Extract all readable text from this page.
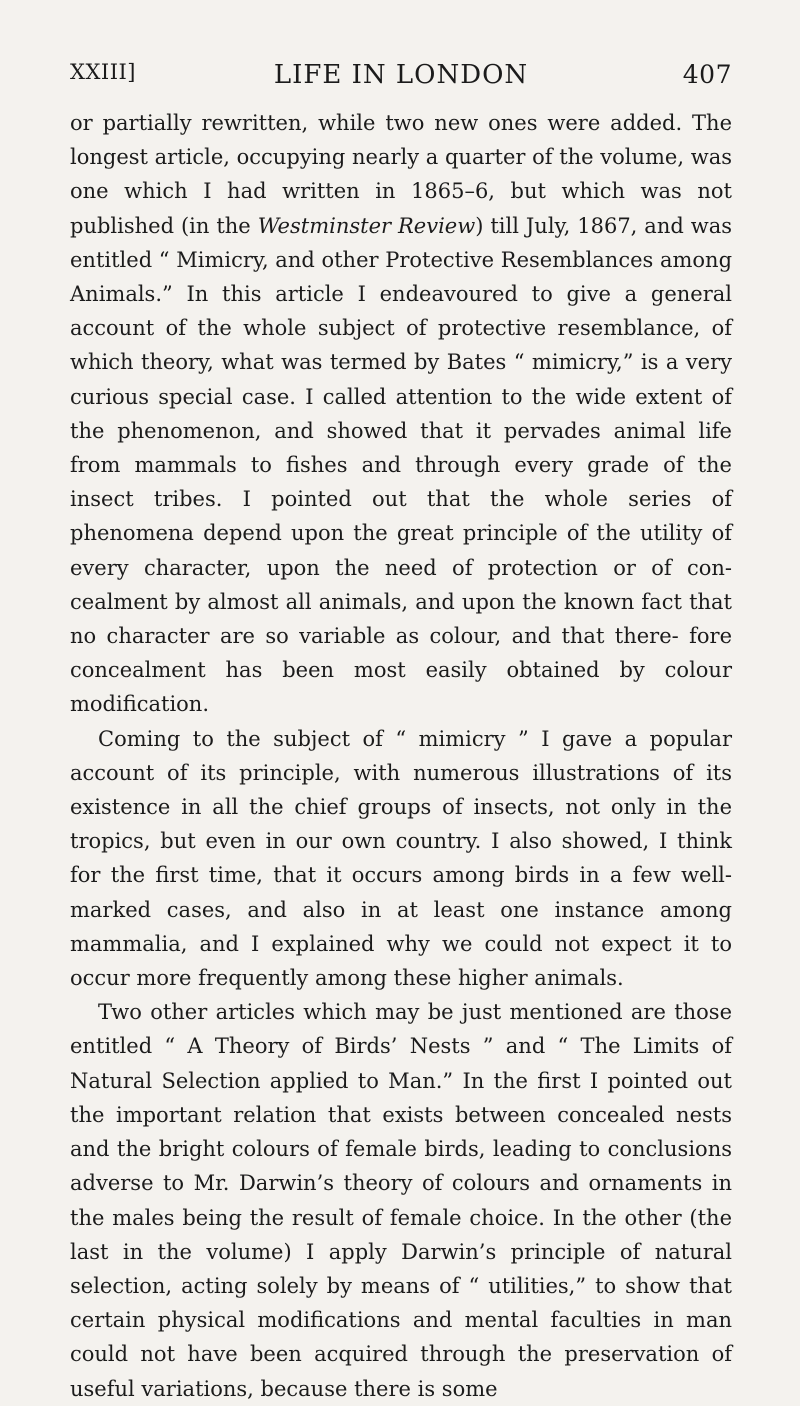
XXIII]	LIFE IN LONDON	407

or partially rewritten, while two new ones were added. The longest article, occupying nearly a quarter of the volume, was one which I had written in 1865–6, but which was not published (in the Westminster Review) till July, 1867, and was entitled “ Mimicry, and other Protective Resemblances among Animals.” In this article I endeavoured to give a general account of the whole subject of protective resemblance, of which theory, what was termed by Bates “ mimicry,” is a very curious special case. I called attention to the wide extent of the phenomenon, and showed that it pervades animal life from mammals to fishes and through every grade of the insect tribes. I pointed out that the whole series of phenomena depend upon the great principle of the utility of every character, upon the need of protection or of con- cealment by almost all animals, and upon the known fact that no character are so variable as colour, and that there- fore concealment has been most easily obtained by colour modification.

Coming to the subject of “ mimicry ” I gave a popular account of its principle, with numerous illustrations of its existence in all the chief groups of insects, not only in the tropics, but even in our own country. I also showed, I think for the first time, that it occurs among birds in a few well- marked cases, and also in at least one instance among mammalia, and I explained why we could not expect it to occur more frequently among these higher animals.

Two other articles which may be just mentioned are those entitled “ A Theory of Birds’ Nests ” and “ The Limits of Natural Selection applied to Man.” In the first I pointed out the important relation that exists between concealed nests and the bright colours of female birds, leading to conclusions adverse to Mr. Darwin’s theory of colours and ornaments in the males being the result of female choice. In the other (the last in the volume) I apply Darwin’s principle of natural selection, acting solely by means of “ utilities,” to show that certain physical modifications and mental faculties in man could not have been acquired through the preservation of useful variations, because there is some
